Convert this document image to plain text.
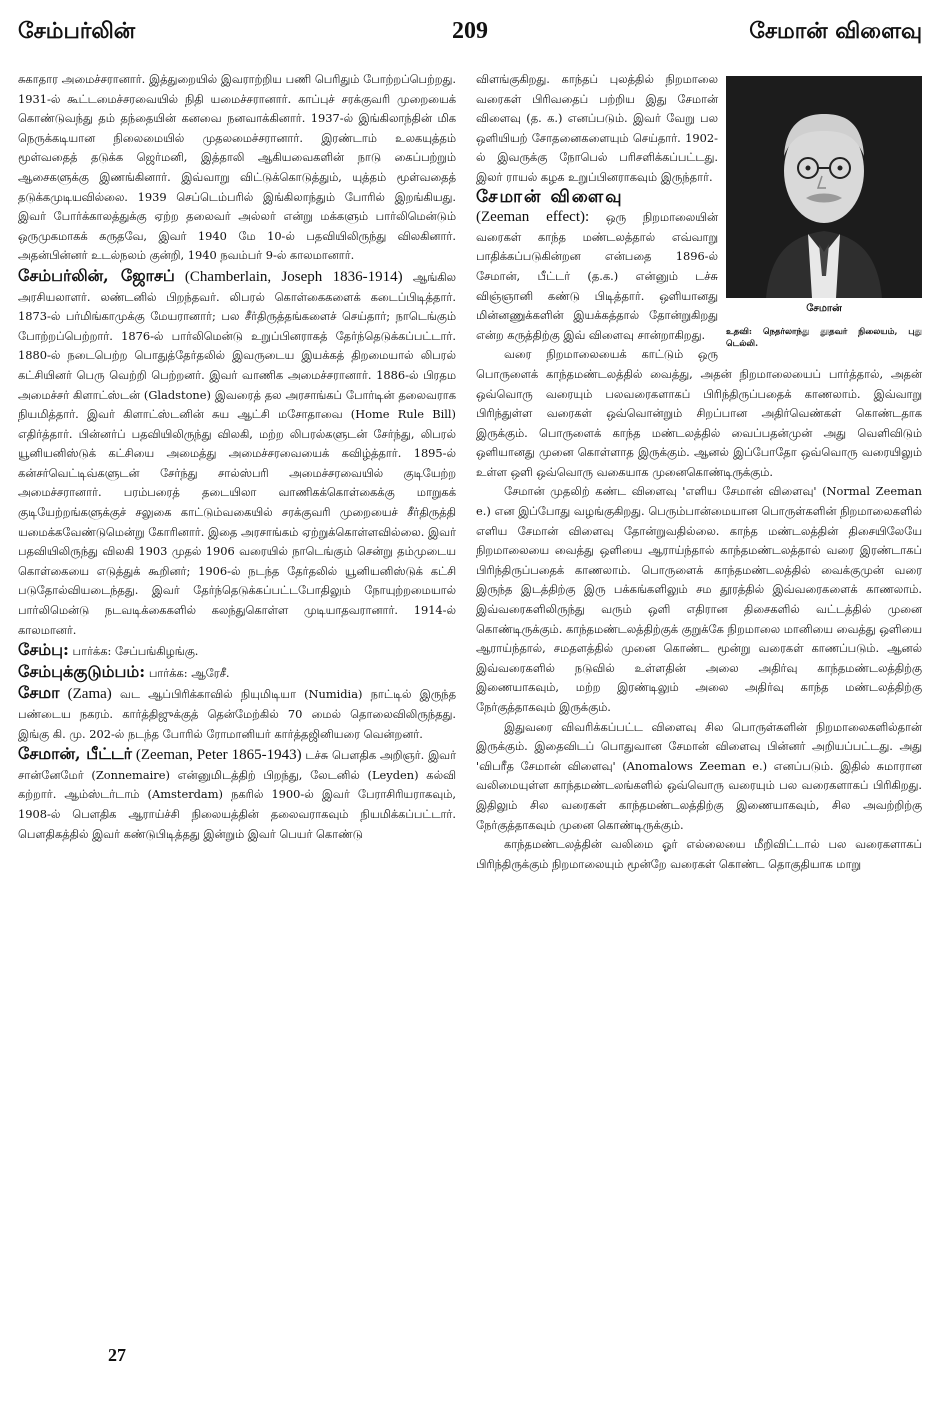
சேம்பர்லின்	209	சேமான் விளைவு

சுகாதார அமைச்சரானார். இத்துறையில் இவராற்றிய பணி பெரிதும் போற்றப்பெற்றது. 1931-ல் கூட்டமைச்சரவையில் நிதி யமைச்சரானார். காப்புச் சரக்குவரி முறையைக் கொண்டுவந்து தம் தந்தையின் கனவை நனவாக்கினார். 1937-ல் இங்கிலாந்தின் மிக நெருக்கடியான நிலைமையில் முதலமைச்சரானார். இரண்டாம் உலகயுத்தம் மூள்வதைத் தடுக்க ஜெர்மனி, இத்தாலி ஆகியவைகளின் நாடு கைப்பற்றும் ஆசைகளுக்கு இணங்கினார். இவ்வாறு விட்டுக்கொடுத்தும், யுத்தம் மூள்வதைத் தடுக்கமுடியவில்லை. 1939 செப்டெம்பரில் இங்கிலாந்தும் போரில் இறங்கியது. இவர் போர்க்காலத்துக்கு ஏற்ற தலைவர் அல்லர் என்று மக்களும் பார்லிமென்டும் ஒருமுகமாகக் கருதவே, இவர் 1940 மே 10-ல் பதவியிலிருந்து விலகினார். அதன்பின்னர் உடல்நலம் குன்றி, 1940 நவம்பர் 9-ல் காலமானார்.

சேம்பர்லின், ஜோசப் (Chamberlain, Joseph 1836-1914) ஆங்கில அரசியலாளர். லண்டனில் பிறந்தவர். லிபரல் கொள்கைகளைக் கடைப்பிடித்தார். 1873-ல் பர்மிங்காமுக்கு மேயரானார்; பல சீர்திருத்தங்களைச் செய்தார்; நாடெங்கும் போற்றப்பெற்றார். 1876-ல் பார்லிமென்டு உறுப்பினராகத் தேர்ந்தெடுக்கப்பட்டார். 1880-ல் நடைபெற்ற பொதுத்தேர்தலில் இவருடைய இயக்கத் திறமையால் லிபரல் கட்சியினர் பெரு வெற்றி பெற்றனர். இவர் வாணிக அமைச்சரானார். 1886-ல் பிரதம அமைச்சர் கிளாட்ஸ்டன் (Gladstone) இவரைத் தல அரசாங்கப் போர்டின் தலைவராக நியமித்தார். இவர் கிளாட்ஸ்டனின் சுய ஆட்சி மசோதாவை (Home Rule Bill) எதிர்த்தார். பின்னர்ப் பதவியிலிருந்து விலகி, மற்ற லிபரல்களுடன் சேர்ந்து, லிபரல் யூனியனிஸ்டுக் கட்சியை அமைத்து அமைச்சரவையைக் கவிழ்த்தார். 1895-ல் கன்சர்வெட்டிவ்களுடன் சேர்ந்து சால்ஸ்பரி அமைச்சரவையில் குடியேற்ற அமைச்சரானார். பரம்பரைத் தடையிலா வாணிகக்கொள்கைக்கு மாறுகக் குடியேற்றங்களுக்குச் சலுகை காட்டும்வகையில் சரக்குவரி முறையைச் சீர்திருத்தி யமைக்கவேண்டுமென்று கோரினார். இதை அரசாங்கம் ஏற்றுக்கொள்ளவில்லை. இவர் பதவியிலிருந்து விலகி 1903 முதல் 1906 வரையில் நாடெங்கும் சென்று தம்முடைய கொள்கையை எடுத்துக் கூறினர்; 1906-ல் நடந்த தேர்தலில் யூனியனிஸ்டுக் கட்சி படுதோல்வியடைந்தது. இவர் தேர்ந்தெடுக்கப்பட்டபோதிலும் நோயுற்றமையால் பார்லிமென்டு நடவடிக்கைகளில் கலந்துகொள்ள முடியாதவரானார். 1914-ல் காலமானர்.

சேம்பு: பார்க்க: சேப்பங்கிழங்கு.

சேம்புக்குடும்பம்: பார்க்க: ஆரேசீ.

சேமா (Zama) வட ஆப்பிரிக்காவில் நியுமிடியா (Numidia) நாட்டில் இருந்த பண்டைய நகரம். கார்த்திஜுக்குத் தென்மேற்கில் 70 மைல் தொலைவிலிருந்தது. இங்கு கி. மு. 202-ல் நடந்த போரில் ரோமானியர் கார்த்தஜினியரை வென்றனர்.

சேமான், பீட்டர் (Zeeman, Peter 1865-1943) டச்சு பௌதிக அறிஞர். இவர் சான்னேமேர் (Zonnemaire) என்னுமிடத்திற் பிறந்து, லேடனில் (Leyden) கல்வி கற்றார். ஆம்ஸ்டர்டாம் (Amsterdam) நகரில் 1900-ல் இவர் பேராசிரியராகவும், 1908-ல் பௌதிக ஆராய்ச்சி நிலையத்தின் தலைவராகவும் நியமிக்கப்பட்டார். பௌதிகத்தில் இவர் கண்டுபிடித்தது இன்றும் இவர் பெயர் கொண்டு

சேமான்
உதவி: நெதர்லாந்து தூதவர் நிலையம், புது டெல்லி.

விளங்குகிறது. காந்தப் புலத்தில் நிறமாலை வரைகள் பிரிவதைப் பற்றிய இது சேமான் விளைவு (த. க.) எனப்படும். இவர் வேறு பல ஒளியியற் சோதனைகளையும் செய்தார். 1902-ல் இவருக்கு நோபெல் பரிசளிக்கப்பட்டது. இலர் ராயல் கழக உறுப்பினராகவும் இருந்தார்.

சேமான் விளைவு
(Zeeman effect): ஒரு நிறமாலையின் வரைகள் காந்த மண்டலத்தால் எவ்வாறு பாதிக்கப்படுகின்றன என்பதை 1896-ல் சேமான், பீட்டர் (த.க.) என்னும் டச்சு விஞ்ஞானி கண்டு பிடித்தார். ஒளியானது மின்னணுக்களின் இயக்கத்தால் தோன்றுகிறது என்ற கருத்திற்கு இவ் விளைவு சான்றாகிறது.

வரை நிறமாலையைக் காட்டும் ஒரு பொருளைக் காந்தமண்டலத்தில் வைத்து, அதன் நிறமாலையைப் பார்த்தால், அதன் ஒவ்வொரு வரையும் பலவரைகளாகப் பிரிந்திருப்பதைக் காணலாம். இவ்வாறு பிரிந்துள்ள வரைகள் ஒவ்வொன்றும் சிறப்பான அதிர்வெண்கள் கொண்டதாக இருக்கும். பொருளைக் காந்த மண்டலத்தில் வைப்பதன்முன் அது வெளிவிடும் ஒளியானது முனை கொள்ளாத இருக்கும். ஆனல் இப்போதோ ஒவ்வொரு வரையிலும் உள்ள ஒளி ஒவ்வொரு வகையாக முனைகொண்டிருக்கும்.

சேமான் முதலிற் கண்ட விளைவு 'எளிய சேமான் விளைவு' (Normal Zeeman e.) என இப்போது வழங்குகிறது. பெரும்பான்மையான பொருள்களின் நிறமாலைகளில் எளிய சேமான் விளைவு தோன்றுவதில்லை. காந்த மண்டலத்தின் திசையிலேயே நிறமாலையை வைத்து ஒளியை ஆராய்ந்தால் காந்தமண்டலத்தால் வரை இரண்டாகப் பிரிந்திருப்பதைக் காணலாம். பொருளைக் காந்தமண்டலத்தில் வைக்குமுன் வரை இருந்த இடத்திற்கு இரு பக்கங்களிலும் சம தூரத்தில் இவ்வரைகளைக் காணலாம். இவ்வரைகளிலிருந்து வரும் ஒளி எதிரான திசைகளில் வட்டத்தில் முனை கொண்டிருக்கும். காந்தமண்டலத்திற்குக் குறுக்கே நிறமாலை மானியை வைத்து ஒளியை ஆராய்ந்தால், சமதளத்தில் முனை கொண்ட மூன்று வரைகள் காணப்படும். ஆனல் இவ்வரைகளில் நடுவில் உள்ளதின் அலை அதிர்வு காந்தமண்டலத்திற்கு இணையாகவும், மற்ற இரண்டிலும் அலை அதிர்வு காந்த மண்டலத்திற்கு நேர்குத்தாகவும் இருக்கும்.

இதுவரை விவரிக்கப்பட்ட விளைவு சில பொருள்களின் நிறமாலைகளில்தான் இருக்கும். இதைவிடப் பொதுவான சேமான் விளைவு பின்னர் அறியப்பட்டது. அது 'விபரீத சேமான் விளைவு' (Anomalows Zeeman e.) எனப்படும். இதில் சுமாரான வலிமையுள்ள காந்தமண்டலங்களில் ஒவ்வொரு வரையும் பல வரைகளாகப் பிரிகிறது. இதிலும் சில வரைகள் காந்தமண்டலத்திற்கு இணையாகவும், சில அவற்றிற்கு நேர்குத்தாகவும் முனை கொண்டிருக்கும்.

காந்தமண்டலத்தின் வலிமை ஓர் எல்லையை மீறிவிட்டால் பல வரைகளாகப் பிரிந்திருக்கும் நிறமாலையும் மூன்றே வரைகள் கொண்ட தொகுதியாக மாறு

27
